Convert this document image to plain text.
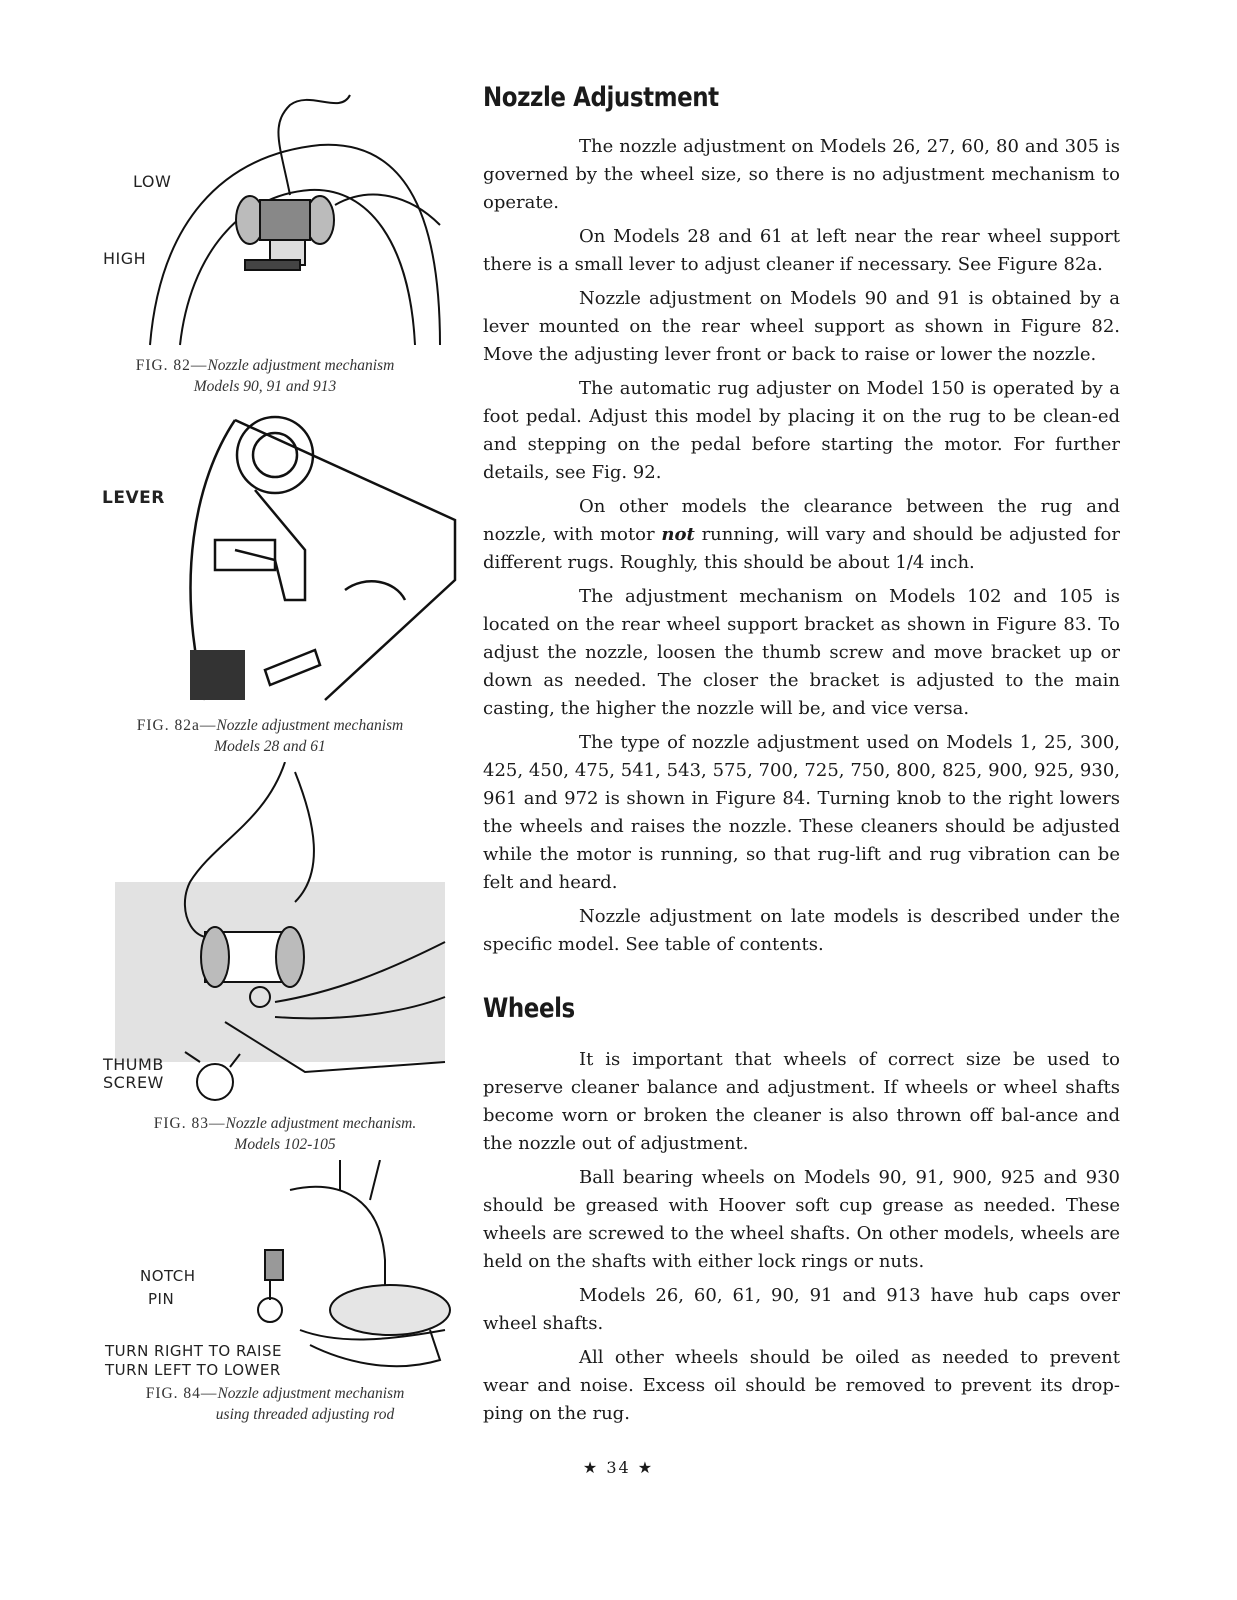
LOW
HIGH
FIG. 82—Nozzle adjustment mechanism
Models 90, 91 and 913
LEVER
FIG. 82a—Nozzle adjustment mechanism
Models 28 and 61
THUMB
SCREW
FIG. 83—Nozzle adjustment mechanism.
Models 102-105
NOTCH
PIN
TURN RIGHT TO RAISE
TURN LEFT TO LOWER
FIG. 84—Nozzle adjustment mechanism
using threaded adjusting rod
Nozzle Adjustment

The nozzle adjustment on Models 26, 27, 60, 80 and 305 is governed by the wheel size, so there is no adjustment mechanism to operate.

On Models 28 and 61 at left near the rear wheel support there is a small lever to adjust cleaner if necessary. See Figure 82a.

Nozzle adjustment on Models 90 and 91 is obtained by a lever mounted on the rear wheel support as shown in Figure 82. Move the adjusting lever front or back to raise or lower the nozzle.

The automatic rug adjuster on Model 150 is operated by a foot pedal. Adjust this model by placing it on the rug to be clean-ed and stepping on the pedal before starting the motor. For further details, see Fig. 92.

On other models the clearance between the rug and nozzle, with motor not running, will vary and should be adjusted for different rugs. Roughly, this should be about 1/4 inch.

The adjustment mechanism on Models 102 and 105 is located on the rear wheel support bracket as shown in Figure 83. To adjust the nozzle, loosen the thumb screw and move bracket up or down as needed. The closer the bracket is adjusted to the main casting, the higher the nozzle will be, and vice versa.

The type of nozzle adjustment used on Models 1, 25, 300, 425, 450, 475, 541, 543, 575, 700, 725, 750, 800, 825, 900, 925, 930, 961 and 972 is shown in Figure 84. Turning knob to the right lowers the wheels and raises the nozzle. These cleaners should be adjusted while the motor is running, so that rug-lift and rug vibration can be felt and heard.

Nozzle adjustment on late models is described under the specific model. See table of contents.

Wheels

It is important that wheels of correct size be used to preserve cleaner balance and adjustment. If wheels or wheel shafts become worn or broken the cleaner is also thrown off bal-ance and the nozzle out of adjustment.

Ball bearing wheels on Models 90, 91, 900, 925 and 930 should be greased with Hoover soft cup grease as needed. These wheels are screwed to the wheel shafts. On other models, wheels are held on the shafts with either lock rings or nuts.

Models 26, 60, 61, 90, 91 and 913 have hub caps over wheel shafts.

All other wheels should be oiled as needed to prevent wear and noise. Excess oil should be removed to prevent its drop-ping on the rug.

★ 34 ★
